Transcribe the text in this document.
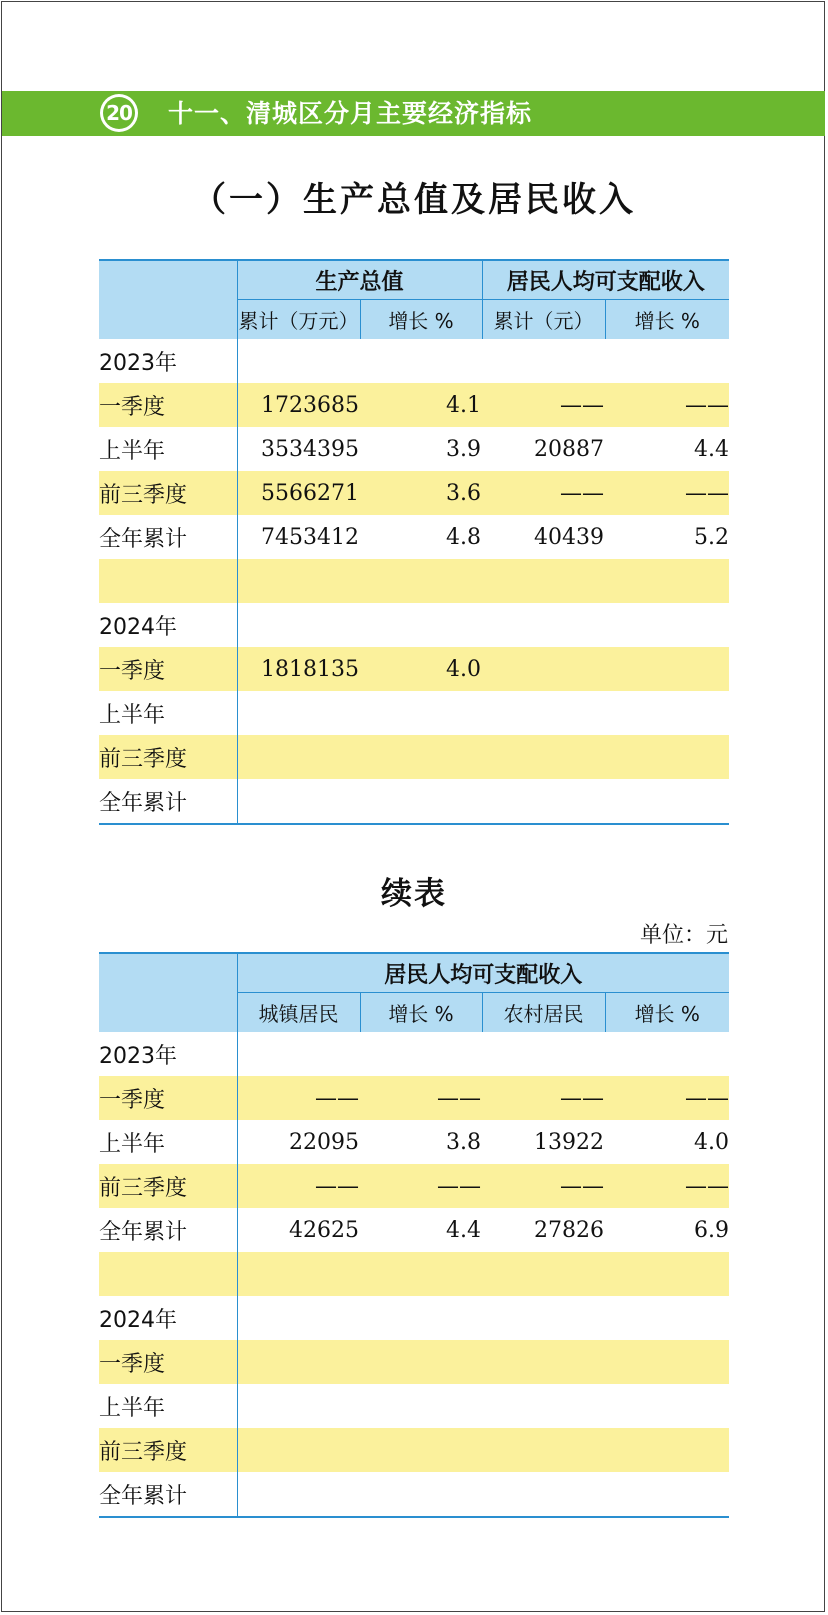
20 十一、清城区分月主要经济指标
（一）生产总值及居民收入
	生产总值		居民人均可支配收入	
	累计（万元）	增长 %	累计（元）	增长 %
2023年				
一季度	1723685	4.1	——	——
上半年	3534395	3.9	20887	4.4
前三季度	5566271	3.6	——	——
全年累计	7453412	4.8	40439	5.2

2024年				
一季度	1818135	4.0		
上半年				
前三季度				
全年累计				
续表
单位：元
	居民人均可支配收入			
	城镇居民	增长 %	农村居民	增长 %
2023年				
一季度	——	——	——	——
上半年	22095	3.8	13922	4.0
前三季度	——	——	——	——
全年累计	42625	4.4	27826	6.9

2024年				
一季度				
上半年				
前三季度				
全年累计				
